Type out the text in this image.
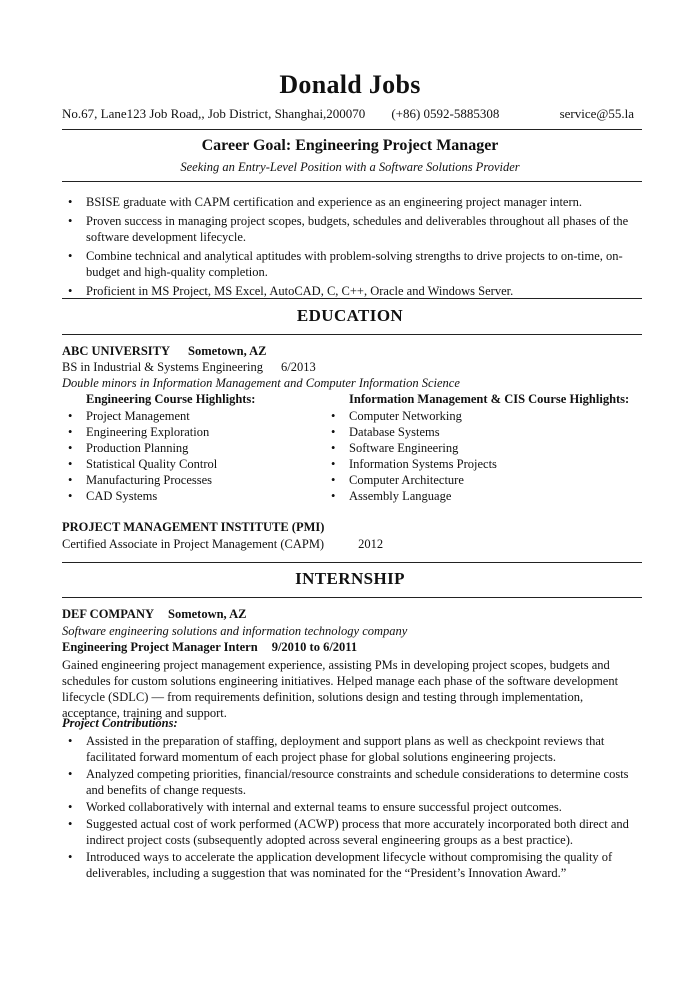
Donald Jobs
No.67, Lane123 Job Road,, Job District, Shanghai,200070 (+86) 0592-5885308	service@55.la
Career Goal: Engineering Project Manager
Seeking an Entry-Level Position with a Software Solutions Provider
• BSISE graduate with CAPM certification and experience as an engineering project manager intern.
• Proven success in managing project scopes, budgets, schedules and deliverables throughout all phases of the software development lifecycle.
• Combine technical and analytical aptitudes with problem-solving strengths to drive projects to on-time, on-budget and high-quality completion.
• Proficient in MS Project, MS Excel, AutoCAD, C, C++, Oracle and Windows Server.
EDUCATION
ABC UNIVERSITY Sometown, AZ
BS in Industrial & Systems Engineering 6/2013
Double minors in Information Management and Computer Information Science
Engineering Course Highlights:
• Project Management
• Engineering Exploration
• Production Planning
• Statistical Quality Control
• Manufacturing Processes
• CAD Systems
Information Management & CIS Course Highlights:
• Computer Networking
• Database Systems
• Software Engineering
• Information Systems Projects
• Computer Architecture
• Assembly Language
PROJECT MANAGEMENT INSTITUTE (PMI)
Certified Associate in Project Management (CAPM)	2012
INTERNSHIP
DEF COMPANY Sometown, AZ
Software engineering solutions and information technology company
Engineering Project Manager Intern 9/2010 to 6/2011
Gained engineering project management experience, assisting PMs in developing project scopes, budgets and schedules for custom solutions engineering initiatives. Helped manage each phase of the software development lifecycle (SDLC) — from requirements definition, solutions design and testing through implementation, acceptance, training and support.
Project Contributions:
• Assisted in the preparation of staffing, deployment and support plans as well as checkpoint reviews that facilitated forward momentum of each project phase for global solutions engineering projects.
• Analyzed competing priorities, financial/resource constraints and schedule considerations to determine costs and benefits of change requests.
• Worked collaboratively with internal and external teams to ensure successful project outcomes.
• Suggested actual cost of work performed (ACWP) process that more accurately incorporated both direct and indirect project costs (subsequently adopted across several engineering groups as a best practice).
• Introduced ways to accelerate the application development lifecycle without compromising the quality of deliverables, including a suggestion that was nominated for the “President’s Innovation Award.”
